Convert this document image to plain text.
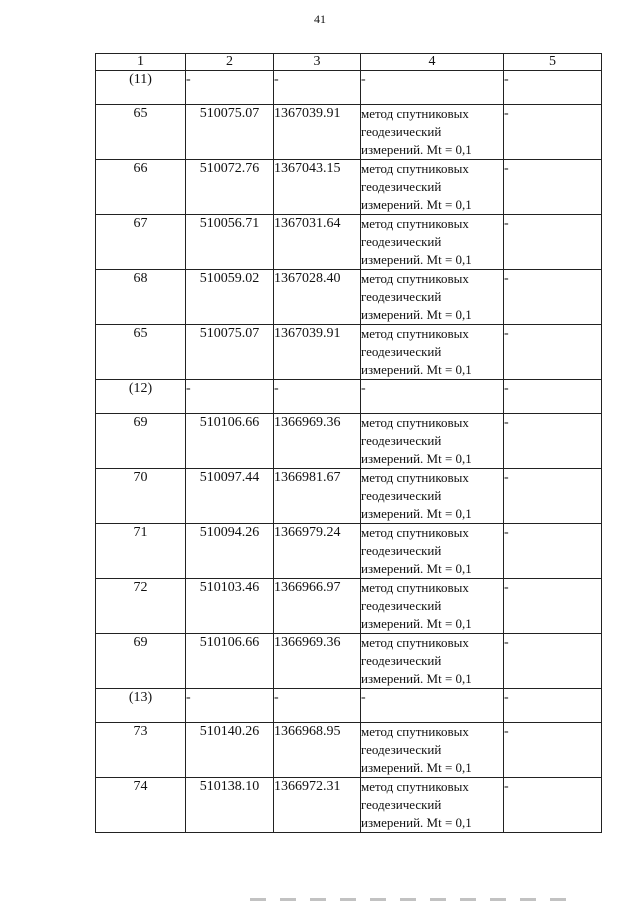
41
1	2	3	4	5
(11)	-	-	-	-
65	510075.07	1367039.91	метод спутниковых
геодезический
измерений. Mt = 0,1	-
66	510072.76	1367043.15	метод спутниковых
геодезический
измерений. Mt = 0,1	-
67	510056.71	1367031.64	метод спутниковых
геодезический
измерений. Mt = 0,1	-
68	510059.02	1367028.40	метод спутниковых
геодезический
измерений. Mt = 0,1	-
65	510075.07	1367039.91	метод спутниковых
геодезический
измерений. Mt = 0,1	-
(12)	-	-	-	-
69	510106.66	1366969.36	метод спутниковых
геодезический
измерений. Mt = 0,1	-
70	510097.44	1366981.67	метод спутниковых
геодезический
измерений. Mt = 0,1	-
71	510094.26	1366979.24	метод спутниковых
геодезический
измерений. Mt = 0,1	-
72	510103.46	1366966.97	метод спутниковых
геодезический
измерений. Mt = 0,1	-
69	510106.66	1366969.36	метод спутниковых
геодезический
измерений. Mt = 0,1	-
(13)	-	-	-	-
73	510140.26	1366968.95	метод спутниковых
геодезический
измерений. Mt = 0,1	-
74	510138.10	1366972.31	метод спутниковых
геодезический
измерений. Mt = 0,1	-
